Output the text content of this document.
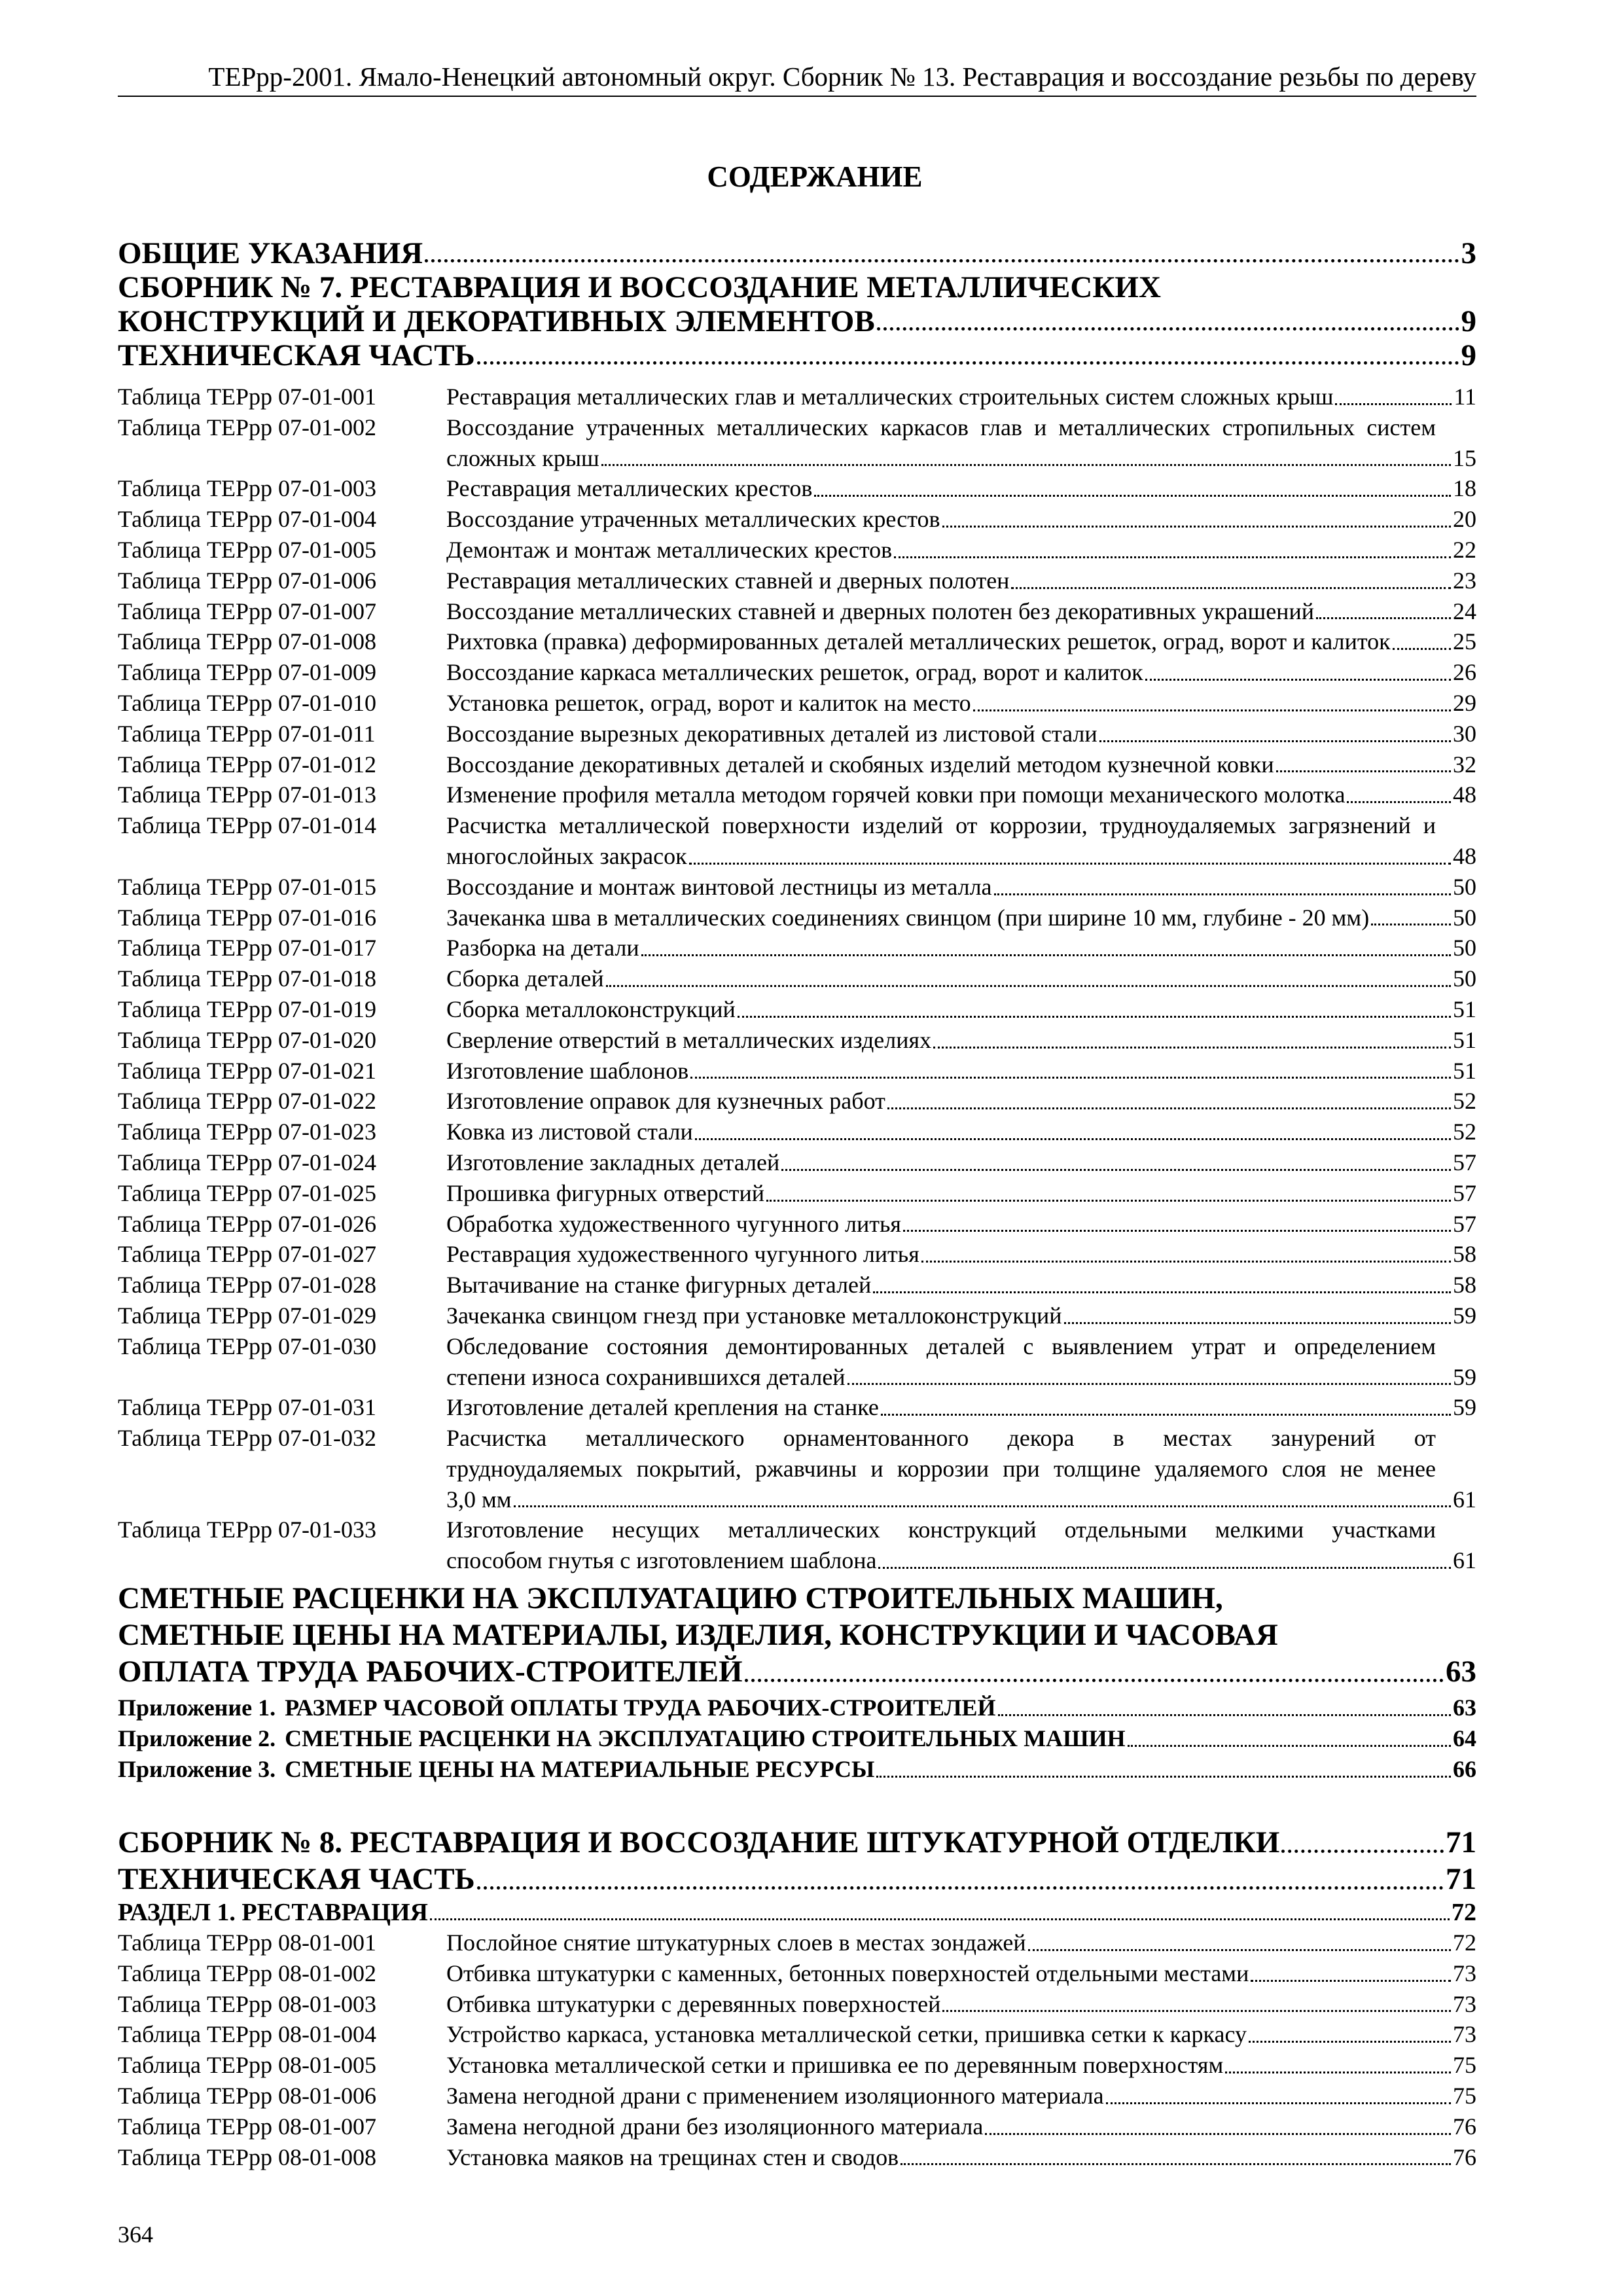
ТЕРрр-2001. Ямало-Ненецкий автономный округ. Сборник № 13. Реставрация и воссоздание резьбы по дереву
СОДЕРЖАНИЕ
ОБЩИЕ УКАЗАНИЯ	3
СБОРНИК № 7. РЕСТАВРАЦИЯ И ВОССОЗДАНИЕ МЕТАЛЛИЧЕСКИХ
КОНСТРУКЦИЙ И ДЕКОРАТИВНЫХ ЭЛЕМЕНТОВ	9
ТЕХНИЧЕСКАЯ ЧАСТЬ	9
Таблица ТЕРрр 07-01-001	Реставрация металлических глав и металлических строительных систем сложных крыш	11
Таблица ТЕРрр 07-01-002	Воссоздание утраченных металлических каркасов глав и металлических стропильных систем
сложных крыш	15
Таблица ТЕРрр 07-01-003	Реставрация металлических крестов	18
Таблица ТЕРрр 07-01-004	Воссоздание утраченных металлических крестов	20
Таблица ТЕРрр 07-01-005	Демонтаж и монтаж металлических крестов	22
Таблица ТЕРрр 07-01-006	Реставрация металлических ставней и дверных полотен	23
Таблица ТЕРрр 07-01-007	Воссоздание металлических ставней и дверных полотен без декоративных украшений	24
Таблица ТЕРрр 07-01-008	Рихтовка (правка) деформированных деталей металлических решеток, оград, ворот и калиток	25
Таблица ТЕРрр 07-01-009	Воссоздание каркаса металлических решеток, оград, ворот и калиток	26
Таблица ТЕРрр 07-01-010	Установка решеток, оград, ворот и калиток на место	29
Таблица ТЕРрр 07-01-011	Воссоздание вырезных декоративных деталей из листовой стали	30
Таблица ТЕРрр 07-01-012	Воссоздание декоративных деталей и скобяных изделий методом кузнечной ковки	32
Таблица ТЕРрр 07-01-013	Изменение профиля металла методом горячей ковки при помощи механического молотка	48
Таблица ТЕРрр 07-01-014	Расчистка металлической поверхности изделий от коррозии, трудноудаляемых загрязнений и
многослойных закрасок	48
Таблица ТЕРрр 07-01-015	Воссоздание и монтаж винтовой лестницы из металла	50
Таблица ТЕРрр 07-01-016	Зачеканка шва в металлических соединениях свинцом (при ширине 10 мм, глубине - 20 мм)	50
Таблица ТЕРрр 07-01-017	Разборка на детали	50
Таблица ТЕРрр 07-01-018	Сборка деталей	50
Таблица ТЕРрр 07-01-019	Сборка металлоконструкций	51
Таблица ТЕРрр 07-01-020	Сверление отверстий в металлических изделиях	51
Таблица ТЕРрр 07-01-021	Изготовление шаблонов	51
Таблица ТЕРрр 07-01-022	Изготовление оправок для кузнечных работ	52
Таблица ТЕРрр 07-01-023	Ковка из листовой стали	52
Таблица ТЕРрр 07-01-024	Изготовление закладных деталей	57
Таблица ТЕРрр 07-01-025	Прошивка фигурных отверстий	57
Таблица ТЕРрр 07-01-026	Обработка художественного чугунного литья	57
Таблица ТЕРрр 07-01-027	Реставрация художественного чугунного литья	58
Таблица ТЕРрр 07-01-028	Вытачивание на станке фигурных деталей	58
Таблица ТЕРрр 07-01-029	Зачеканка свинцом гнезд при установке металлоконструкций	59
Таблица ТЕРрр 07-01-030	Обследование состояния демонтированных деталей с выявлением утрат и определением
степени износа сохранившихся деталей	59
Таблица ТЕРрр 07-01-031	Изготовление деталей крепления на станке	59
Таблица ТЕРрр 07-01-032	Расчистка металлического орнаментованного декора в местах занурений от
трудноудаляемых покрытий, ржавчины и коррозии при толщине удаляемого слоя не менее
3,0 мм	61
Таблица ТЕРрр 07-01-033	Изготовление несущих металлических конструкций отдельными мелкими участками
способом гнутья с изготовлением шаблона	61
СМЕТНЫЕ РАСЦЕНКИ НА ЭКСПЛУАТАЦИЮ СТРОИТЕЛЬНЫХ МАШИН,
СМЕТНЫЕ ЦЕНЫ НА МАТЕРИАЛЫ, ИЗДЕЛИЯ, КОНСТРУКЦИИ И ЧАСОВАЯ
ОПЛАТА ТРУДА РАБОЧИХ-СТРОИТЕЛЕЙ	63
Приложение 1. РАЗМЕР ЧАСОВОЙ ОПЛАТЫ ТРУДА РАБОЧИХ-СТРОИТЕЛЕЙ	63
Приложение 2. СМЕТНЫЕ РАСЦЕНКИ НА ЭКСПЛУАТАЦИЮ СТРОИТЕЛЬНЫХ МАШИН	64
Приложение 3. СМЕТНЫЕ ЦЕНЫ НА МАТЕРИАЛЬНЫЕ РЕСУРСЫ	66
СБОРНИК № 8. РЕСТАВРАЦИЯ И ВОССОЗДАНИЕ ШТУКАТУРНОЙ ОТДЕЛКИ	71
ТЕХНИЧЕСКАЯ ЧАСТЬ	71
РАЗДЕЛ 1. РЕСТАВРАЦИЯ	72
Таблица ТЕРрр 08-01-001	Послойное снятие штукатурных слоев в местах зондажей	72
Таблица ТЕРрр 08-01-002	Отбивка штукатурки с каменных, бетонных поверхностей отдельными местами	73
Таблица ТЕРрр 08-01-003	Отбивка штукатурки с деревянных поверхностей	73
Таблица ТЕРрр 08-01-004	Устройство каркаса, установка металлической сетки, пришивка сетки к каркасу	73
Таблица ТЕРрр 08-01-005	Установка металлической сетки и пришивка ее по деревянным поверхностям	75
Таблица ТЕРрр 08-01-006	Замена негодной драни с применением изоляционного материала	75
Таблица ТЕРрр 08-01-007	Замена негодной драни без изоляционного материала	76
Таблица ТЕРрр 08-01-008	Установка маяков на трещинах стен и сводов	76
364
